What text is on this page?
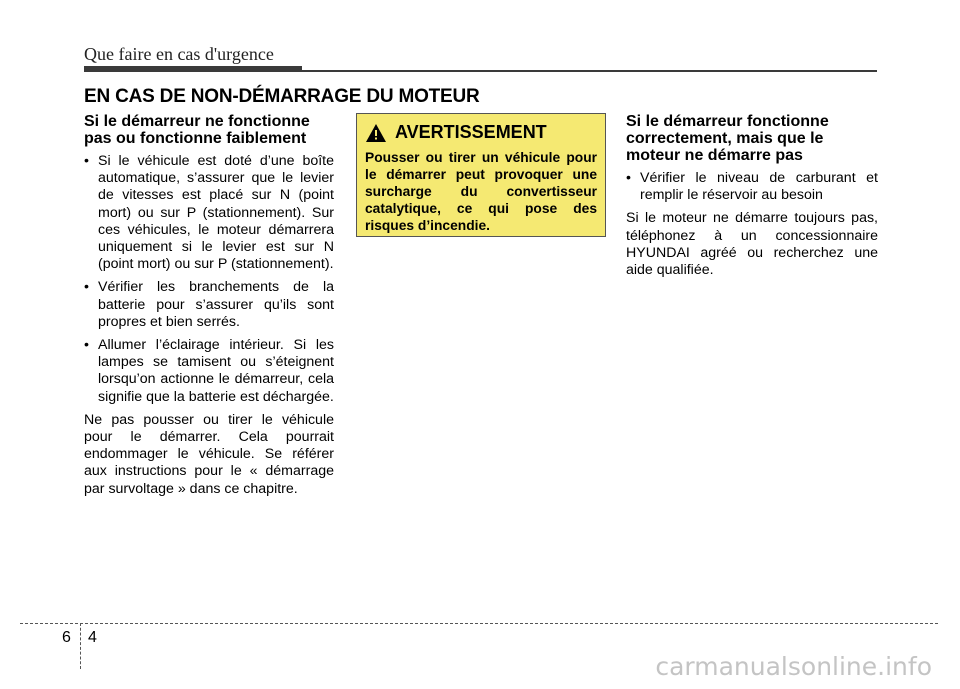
Que faire en cas d'urgence
EN CAS DE NON-DÉMARRAGE DU MOTEUR
Si le démarreur ne fonctionne pas ou fonctionne faiblement
• Si le véhicule est doté d’une boîte automatique, s’assurer que le levier de vitesses est placé sur N (point mort) ou sur P (stationnement). Sur ces véhicules, le moteur démarrera uniquement si le levier est sur N (point mort) ou sur P (stationnement).
• Vérifier les branchements de la batterie pour s’assurer qu’ils sont propres et bien serrés.
• Allumer l’éclairage intérieur. Si les lampes se tamisent ou s’éteignent lorsqu’on actionne le démarreur, cela signifie que la batterie est déchargée.

Ne pas pousser ou tirer le véhicule pour le démarrer. Cela pourrait endommager le véhicule. Se référer aux instructions pour le « démarrage par survoltage » dans ce chapitre.

AVERTISSEMENT
Pousser ou tirer un véhicule pour le démarrer peut provoquer une surcharge du convertisseur catalytique, ce qui pose des risques d’incendie.
Si le démarreur fonctionne correctement, mais que le moteur ne démarre pas
• Vérifier le niveau de carburant et remplir le réservoir au besoin

Si le moteur ne démarre toujours pas, téléphonez à un concessionnaire HYUNDAI agréé ou recherchez une aide qualifiée.

6 4
carmanualsonline.info
